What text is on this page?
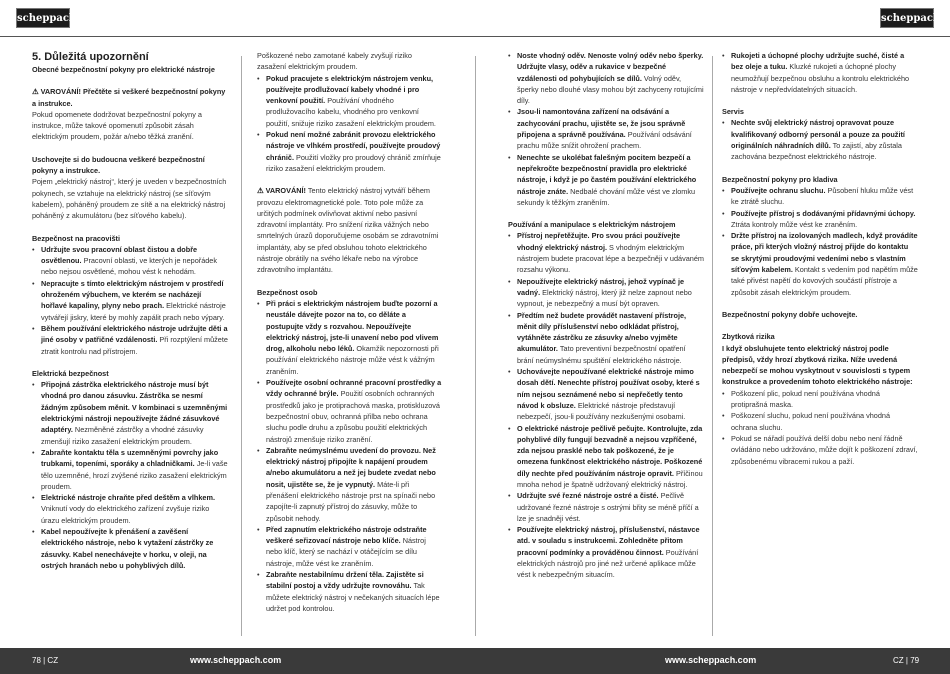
scheppach	scheppach

5. Důležitá upozornění

Obecné bezpečnostní pokyny pro elektrické nástroje

⚠ VAROVÁNÍ! Přečtěte si veškeré bezpečnostní pokyny a instrukce.

Pokud opomenete dodržovat bezpečnostní pokyny a instrukce, může takové opomenutí způsobit zásah elektrickým proudem, požár a/nebo těžká zranění.

Uschovejte si do budoucna veškeré bezpečnostní pokyny a instrukce.

Pojem „elektrický nástroj“, který je uveden v bezpečnostních pokynech, se vztahuje na elektrický nástroj (se síťovým kabelem), poháněný proudem ze sítě a na elektrický nástroj poháněný z akumulátoru (bez síťového kabelu).

Bezpečnost na pracovišti

• Udržujte svou pracovní oblast čistou a dobře osvětlenou. Pracovní oblasti, ve kterých je nepořádek nebo nejsou osvětlené, mohou vést k nehodám.
• Nepracujte s tímto elektrickým nástrojem v prostředí ohroženém výbuchem, ve kterém se nacházejí hořlavé kapaliny, plyny nebo prach. Elektrické nástroje vytvářejí jiskry, které by mohly zapálit prach nebo výpary.
• Během používání elektrického nástroje udržujte děti a jiné osoby v patřičné vzdálenosti. Při rozptýlení můžete ztratit kontrolu nad přístrojem.

Elektrická bezpečnost

• Připojná zástrčka elektrického nástroje musí být vhodná pro danou zásuvku. Zástrčka se nesmí žádným způsobem měnit. V kombinaci s uzemněnými elektrickými nástroji nepoužívejte žádné zásuvkové adaptéry. Nezměněné zástrčky a vhodné zásuvky zmenšují riziko zasažení elektrickým proudem.
• Zabraňte kontaktu těla s uzemněnými povrchy jako trubkami, topeními, sporáky a chladničkami. Je-li vaše tělo uzemněné, hrozí zvýšené riziko zasažení elektrickým proudem.
• Elektrické nástroje chraňte před deštěm a vlhkem. Vniknutí vody do elektrického zařízení zvyšuje riziko úrazu elektrickým proudem.
• Kabel nepoužívejte k přenášení a zavěšení elektrického nástroje, nebo k vytažení zástrčky ze zásuvky. Kabel nenechávejte v horku, v oleji, na ostrých hranách nebo u pohyblivých dílů.

Poškozené nebo zamotané kabely zvyšují riziko zasažení elektrickým proudem.

• Pokud pracujete s elektrickým nástrojem venku, používejte prodlužovací kabely vhodné i pro venkovní použití. Používání vhodného prodlužovacího kabelu, vhodného pro venkovní použití, snižuje riziko zasažení elektrickým proudem.
• Pokud není možné zabránit provozu elektrického nástroje ve vlhkém prostředí, používejte proudový chránič. Použití vložky pro proudový chránič zmírňuje riziko zasažení elektrickým proudem.

⚠ VAROVÁNÍ! Tento elektrický nástroj vytváří během provozu elektromagnetické pole. Toto pole může za určitých podmínek ovlivňovat aktivní nebo pasivní zdravotní implantáty. Pro snížení rizika vážných nebo smrtelných úrazů doporučujeme osobám se zdravotními implantáty, aby se před obsluhou tohoto elektrického nástroje obrátily na svého lékaře nebo na výrobce zdravotního implantátu.

Bezpečnost osob

• Při práci s elektrickým nástrojem buďte pozorní a neustále dávejte pozor na to, co děláte a postupujte vždy s rozvahou. Nepoužívejte elektrický nástroj, jste-li unavení nebo pod vlivem drog, alkoholu nebo léků. Okamžik nepozornosti při používání elektrického nástroje může vést k vážným zraněním.
• Používejte osobní ochranné pracovní prostředky a vždy ochranné brýle. Použití osobních ochranných prostředků jako je protiprachová maska, protiskluzová bezpečnostní obuv, ochranná přilba nebo ochrana sluchu podle druhu a způsobu použití elektrických nástrojů zmenšuje riziko zranění.
• Zabraňte neúmyslnému uvedení do provozu. Než elektrický nástroj připojíte k napájení proudem a/nebo akumulátoru a než jej budete zvedat nebo nosit, ujistěte se, že je vypnutý. Máte-li při přenášení elektrického nástroje prst na spínači nebo zapojíte-li zapnutý přístroj do zásuvky, může to způsobit nehody.
• Před zapnutím elektrického nástroje odstraňte veškeré seřizovací nástroje nebo klíče. Nástroj nebo klíč, který se nachází v otáčejícím se dílu nástroje, může vést ke zraněním.
• Zabraňte nestabilnímu držení těla. Zajistěte si stabilní postoj a vždy udržujte rovnováhu. Tak můžete elektrický nástroj v nečekaných situacích lépe udržet pod kontrolou.
• Noste vhodný oděv. Nenoste volný oděv nebo šperky. Udržujte vlasy, oděv a rukavice v bezpečné vzdálenosti od pohybujících se dílů. Volný oděv, šperky nebo dlouhé vlasy mohou být zachyceny rotujícími díly.
• Jsou-li namontována zařízení na odsávání a zachycování prachu, ujistěte se, že jsou správně připojena a správně používána. Používání odsávání prachu může snížit ohrožení prachem.
• Nenechte se ukolébat falešným pocitem bezpečí a nepřekročte bezpečnostní pravidla pro elektrické nástroje, i když je po častém používání elektrického nástroje znáte. Nedbalé chování může vést ve zlomku sekundy k těžkým zraněním.

Používání a manipulace s elektrickým nástrojem

• Přístroj nepřetěžujte. Pro svou práci používejte vhodný elektrický nástroj. S vhodným elektrickým nástrojem budete pracovat lépe a bezpečněji v udávaném rozsahu výkonu.
• Nepoužívejte elektrický nástroj, jehož vypínač je vadný. Elektrický nástroj, který již nelze zapnout nebo vypnout, je nebezpečný a musí být opraven.
• Předtím než budete provádět nastavení přístroje, měnit díly příslušenství nebo odkládat přístroj, vytáhněte zástrčku ze zásuvky a/nebo vyjměte akumulátor. Tato preventivní bezpečnostní opatření brání neúmyslnému spuštění elektrického nástroje.
• Uchovávejte nepoužívané elektrické nástroje mimo dosah dětí. Nenechte přístroj používat osoby, které s ním nejsou seznámené nebo si nepřečetly tento návod k obsluze. Elektrické nástroje představují nebezpečí, jsou-li používány nezkušenými osobami.
• O elektrické nástroje pečlivě pečujte. Kontrolujte, zda pohyblivé díly fungují bezvadně a nejsou vzpříčené, zda nejsou prasklé nebo tak poškozené, že je omezena funkčnost elektrického nástroje. Poškozené díly nechte před používáním nástroje opravit. Příčinou mnoha nehod je špatně udržovaný elektrický nástroj.
• Udržujte své řezné nástroje ostré a čisté. Pečlivě udržované řezné nástroje s ostrými břity se méně příčí a lze je snadněji vést.
• Používejte elektrický nástroj, příslušenství, nástavce atd. v souladu s instrukcemi. Zohledněte přitom pracovní podmínky a prováděnou činnost. Používání elektrických nástrojů pro jiné než určené aplikace může vést k nebezpečným situacím.
• Rukojeti a úchopné plochy udržujte suché, čisté a bez oleje a tuku. Kluzké rukojeti a úchopné plochy neumožňují bezpečnou obsluhu a kontrolu elektrického nástroje v nepředvídatelných situacích.

Servis

• Nechte svůj elektrický nástroj opravovat pouze kvalifikovaný odborný personál a pouze za použití originálních náhradních dílů. To zajistí, aby zůstala zachována bezpečnost elektrického nástroje.

Bezpečnostní pokyny pro kladiva

• Používejte ochranu sluchu. Působení hluku může vést ke ztrátě sluchu.
• Používejte přístroj s dodávanými přídavnými úchopy. Ztráta kontroly může vést ke zraněním.
• Držte přístroj na izolovaných madlech, když provádíte práce, při kterých vložný nástroj přijde do kontaktu se skrytými proudovými vedeními nebo s vlastním síťovým kabelem. Kontakt s vedením pod napětím může také přivést napětí do kovových součástí přístroje a způsobit zásah elektrickým proudem.

Bezpečnostní pokyny dobře uchovejte.

Zbytková rizika

I když obsluhujete tento elektrický nástroj podle předpisů, vždy hrozí zbytková rizika. Níže uvedená nebezpečí se mohou vyskytnout v souvislosti s typem konstrukce a provedením tohoto elektrického nástroje:

• Poškození plic, pokud není používána vhodná protiprašná maska.
• Poškození sluchu, pokud není používána vhodná ochrana sluchu.
• Pokud se nářadí používá delší dobu nebo není řádně ovládáno nebo udržováno, může dojít k poškození zdraví, způsobenému vibracemi rukou a paží.
78 | CZ	www.scheppach.com	www.scheppach.com	CZ | 79
